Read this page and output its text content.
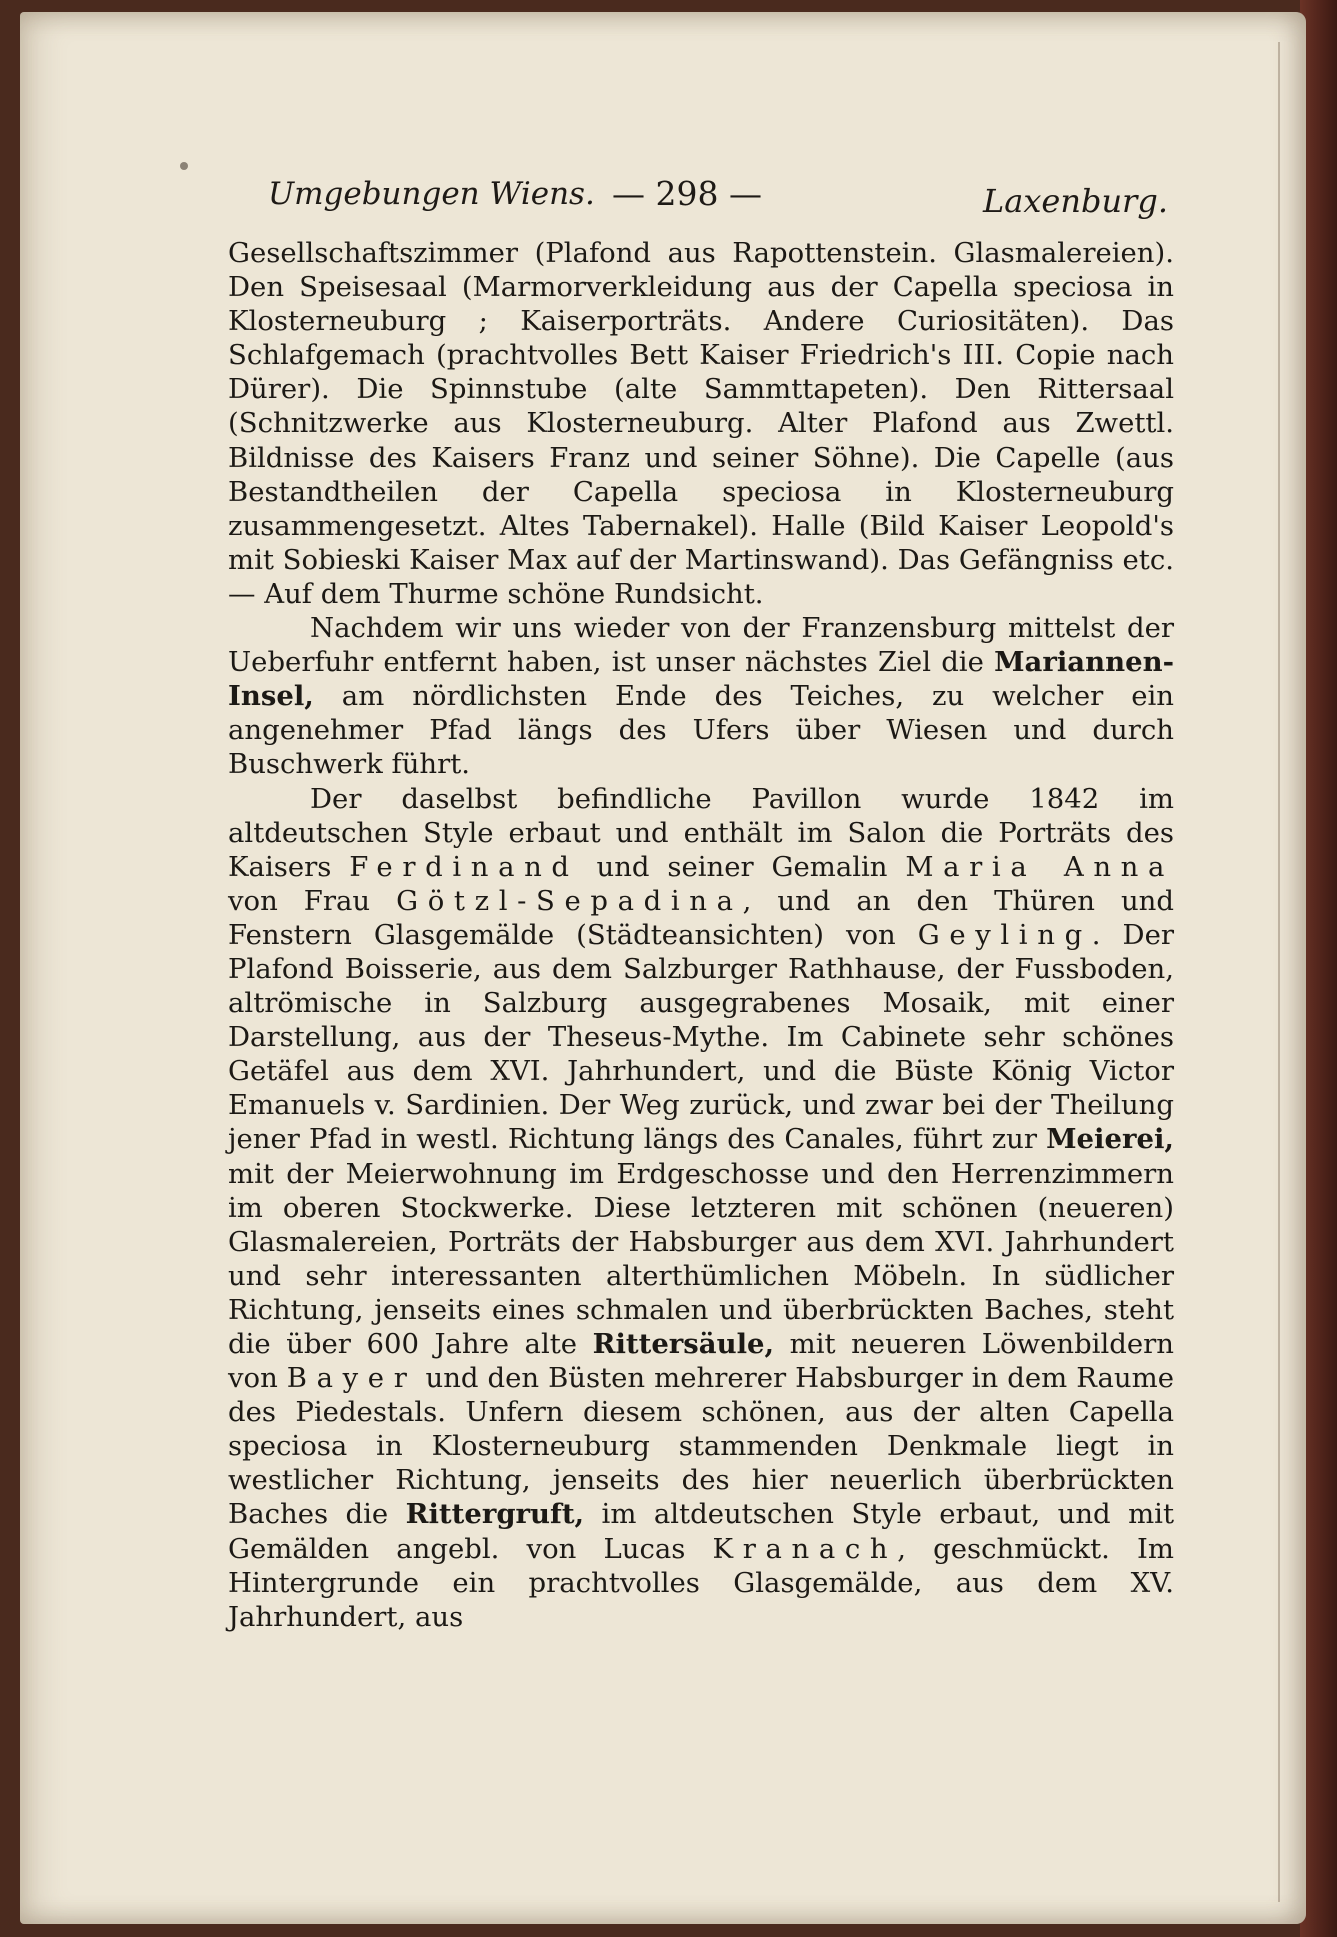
Umgebungen Wiens. — 298 —	Laxenburg.

Gesellschaftszimmer (Plafond aus Rapottenstein. Glasmalereien). Den Speisesaal (Marmorverkleidung aus der Capella speciosa in Klosterneuburg ; Kaiserporträts. Andere Curiositäten). Das Schlafgemach (prachtvolles Bett Kaiser Friedrich's III. Copie nach Dürer). Die Spinnstube (alte Sammttapeten). Den Rittersaal (Schnitzwerke aus Klosterneuburg. Alter Plafond aus Zwettl. Bildnisse des Kaisers Franz und seiner Söhne). Die Capelle (aus Bestandtheilen der Capella speciosa in Klosterneuburg zusammengesetzt. Altes Tabernakel). Halle (Bild Kaiser Leopold's mit Sobieski Kaiser Max auf der Martinswand). Das Gefängniss etc. — Auf dem Thurme schöne Rundsicht.

Nachdem wir uns wieder von der Franzensburg mittelst der Ueberfuhr entfernt haben, ist unser nächstes Ziel die Mariannen-Insel, am nördlichsten Ende des Teiches, zu welcher ein angenehmer Pfad längs des Ufers über Wiesen und durch Buschwerk führt.

Der daselbst befindliche Pavillon wurde 1842 im altdeutschen Style erbaut und enthält im Salon die Porträts des Kaisers Ferdinand und seiner Gemalin Maria Anna von Frau Götzl-Sepadina, und an den Thüren und Fenstern Glasgemälde (Städteansichten) von Geyling. Der Plafond Boisserie, aus dem Salzburger Rathhause, der Fussboden, altrömische in Salzburg ausgegrabenes Mosaik, mit einer Darstellung, aus der Theseus-Mythe. Im Cabinete sehr schönes Getäfel aus dem XVI. Jahrhundert, und die Büste König Victor Emanuels v. Sardinien. Der Weg zurück, und zwar bei der Theilung jener Pfad in westl. Richtung längs des Canales, führt zur Meierei, mit der Meierwohnung im Erdgeschosse und den Herrenzimmern im oberen Stockwerke. Diese letzteren mit schönen (neueren) Glasmalereien, Porträts der Habsburger aus dem XVI. Jahrhundert und sehr interessanten alterthümlichen Möbeln. In südlicher Richtung, jenseits eines schmalen und überbrückten Baches, steht die über 600 Jahre alte Rittersäule, mit neueren Löwenbildern von Bayer und den Büsten mehrerer Habsburger in dem Raume des Piedestals. Unfern diesem schönen, aus der alten Capella speciosa in Klosterneuburg stammenden Denkmale liegt in westlicher Richtung, jenseits des hier neuerlich überbrückten Baches die Rittergruft, im altdeutschen Style erbaut, und mit Gemälden angebl. von Lucas Kranach, geschmückt. Im Hintergrunde ein prachtvolles Glasgemälde, aus dem XV. Jahrhundert, aus
